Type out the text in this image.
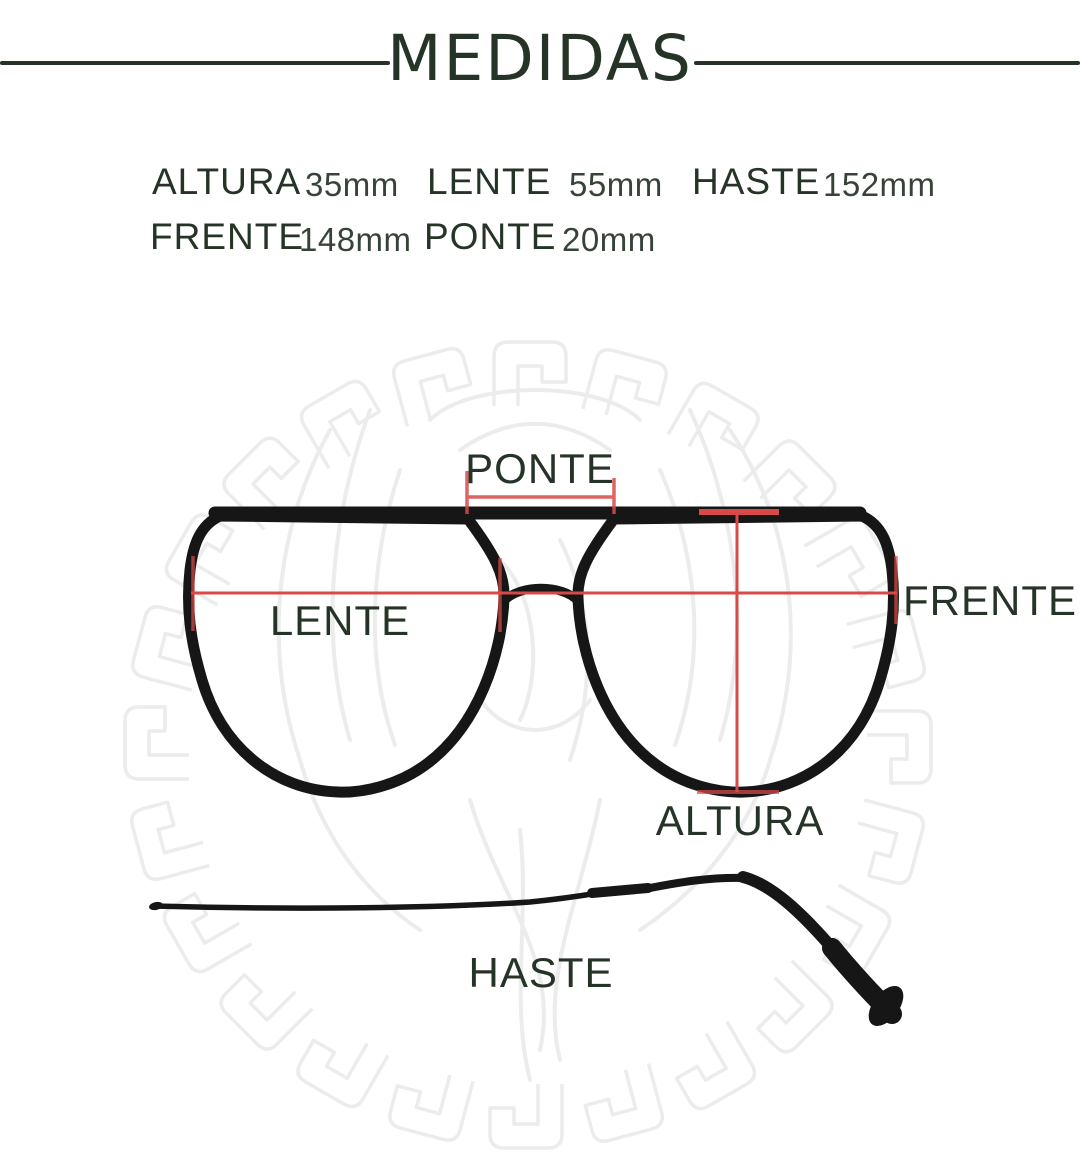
MEDIDAS
ALTURA 35mm LENTE 55mm HASTE 152mm
FRENTE
148mm PONTE 20mm
PONTE
LENTE	FRENTE
ALTURA
HASTE
